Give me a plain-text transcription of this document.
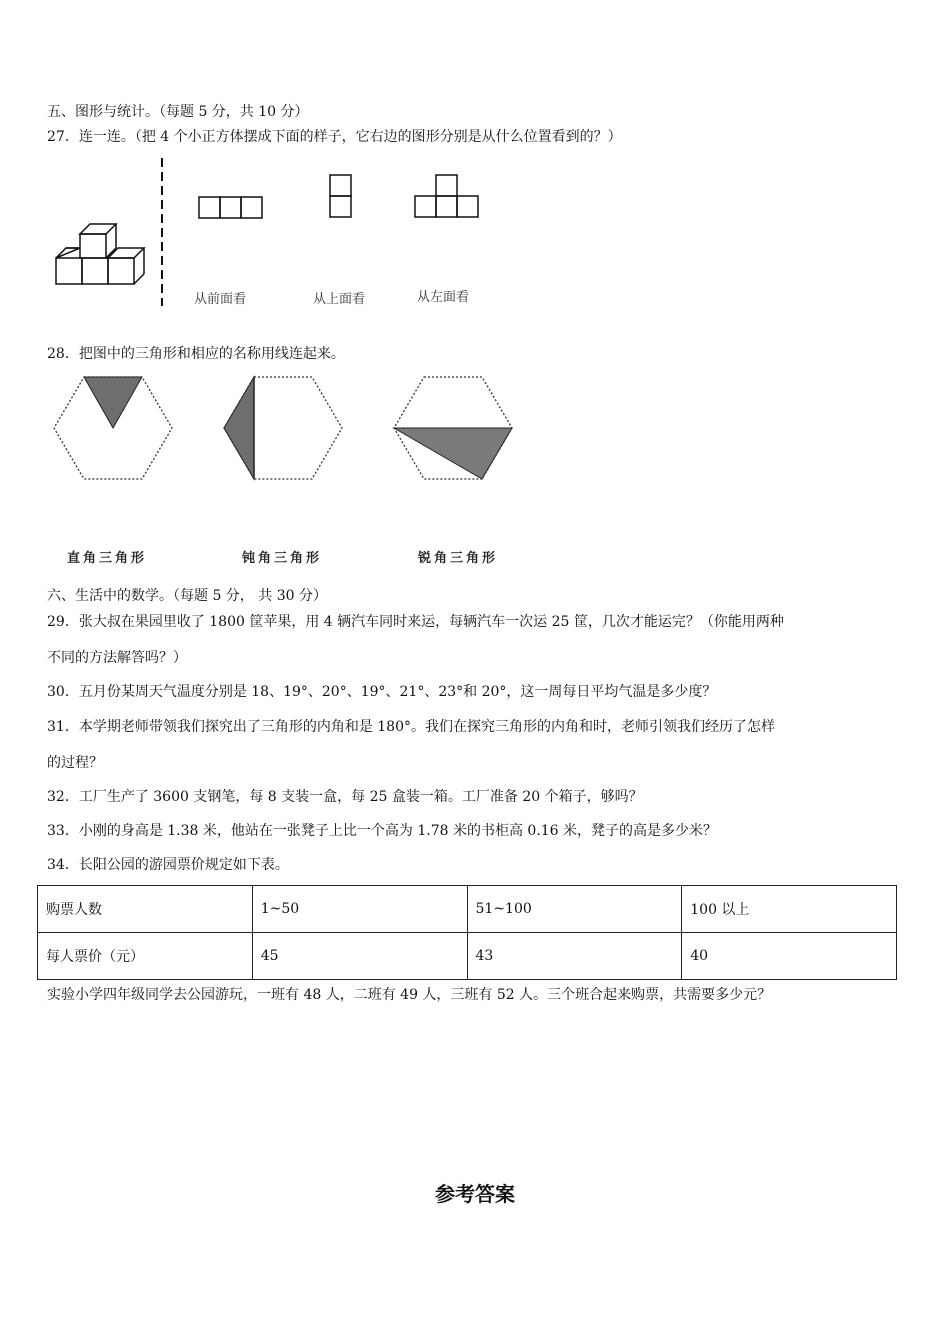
五、图形与统计。（每题 5 分，共 10 分）
27．连一连。（把 4 个小正方体摆成下面的样子，它右边的图形分别是从什么位置看到的？）
从前面看	从上面看	从左面看
28．把图中的三角形和相应的名称用线连起来。
直角三角形	钝角三角形	锐角三角形
六、生活中的数学。（每题 5 分， 共 30 分）
29．张大叔在果园里收了 1800 筐苹果，用 4 辆汽车同时来运，每辆汽车一次运 25 筐，几次才能运完？（你能用两种
不同的方法解答吗？）
30．五月份某周天气温度分别是 18、19°、20°、19°、21°、23°和 20°，这一周每日平均气温是多少度？
31．本学期老师带领我们探究出了三角形的内角和是 180°。我们在探究三角形的内角和时，老师引领我们经历了怎样
的过程？
32．工厂生产了 3600 支钢笔，每 8 支装一盒，每 25 盒装一箱。工厂准备 20 个箱子，够吗？
33．小刚的身高是 1.38 米，他站在一张凳子上比一个高为 1.78 米的书柜高 0.16 米，凳子的高是多少米？
34．长阳公园的游园票价规定如下表。
购票人数	1~50	51~100	100 以上
每人票价（元）	45	43	40
实验小学四年级同学去公园游玩，一班有 48 人，二班有 49 人，三班有 52 人。三个班合起来购票，共需要多少元？
参考答案
